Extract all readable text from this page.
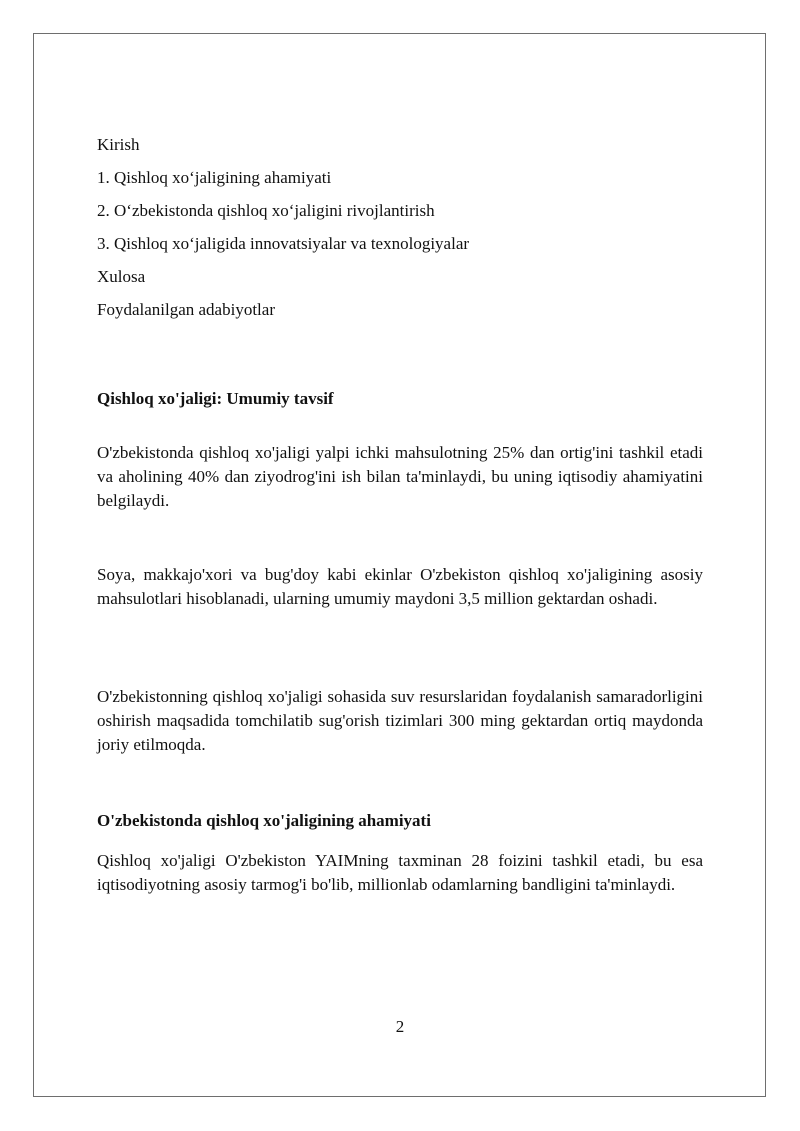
Kirish
1. Qishloq xo‘jaligining ahamiyati
2. O‘zbekistonda qishloq xo‘jaligini rivojlantirish
3. Qishloq xo‘jaligida innovatsiyalar va texnologiyalar
Xulosa
Foydalanilgan adabiyotlar
Qishloq xo'jaligi: Umumiy tavsif
O'zbekistonda qishloq xo'jaligi yalpi ichki mahsulotning 25% dan ortig'ini tashkil etadi va aholining 40% dan ziyodrog'ini ish bilan ta'minlaydi, bu uning iqtisodiy ahamiyatini belgilaydi.
Soya, makkajo'xori va bug'doy kabi ekinlar O'zbekiston qishloq xo'jaligining asosiy mahsulotlari hisoblanadi, ularning umumiy maydoni 3,5 million gektardan oshadi.
O'zbekistonning qishloq xo'jaligi sohasida suv resurslaridan foydalanish samaradorligini oshirish maqsadida tomchilatib sug'orish tizimlari 300 ming gektardan ortiq maydonda joriy etilmoqda.
O'zbekistonda qishloq xo'jaligining ahamiyati
Qishloq xo'jaligi O'zbekiston YAIMning taxminan 28 foizini tashkil etadi, bu esa iqtisodiyotning asosiy tarmog'i bo'lib, millionlab odamlarning bandligini ta'minlaydi.
2
